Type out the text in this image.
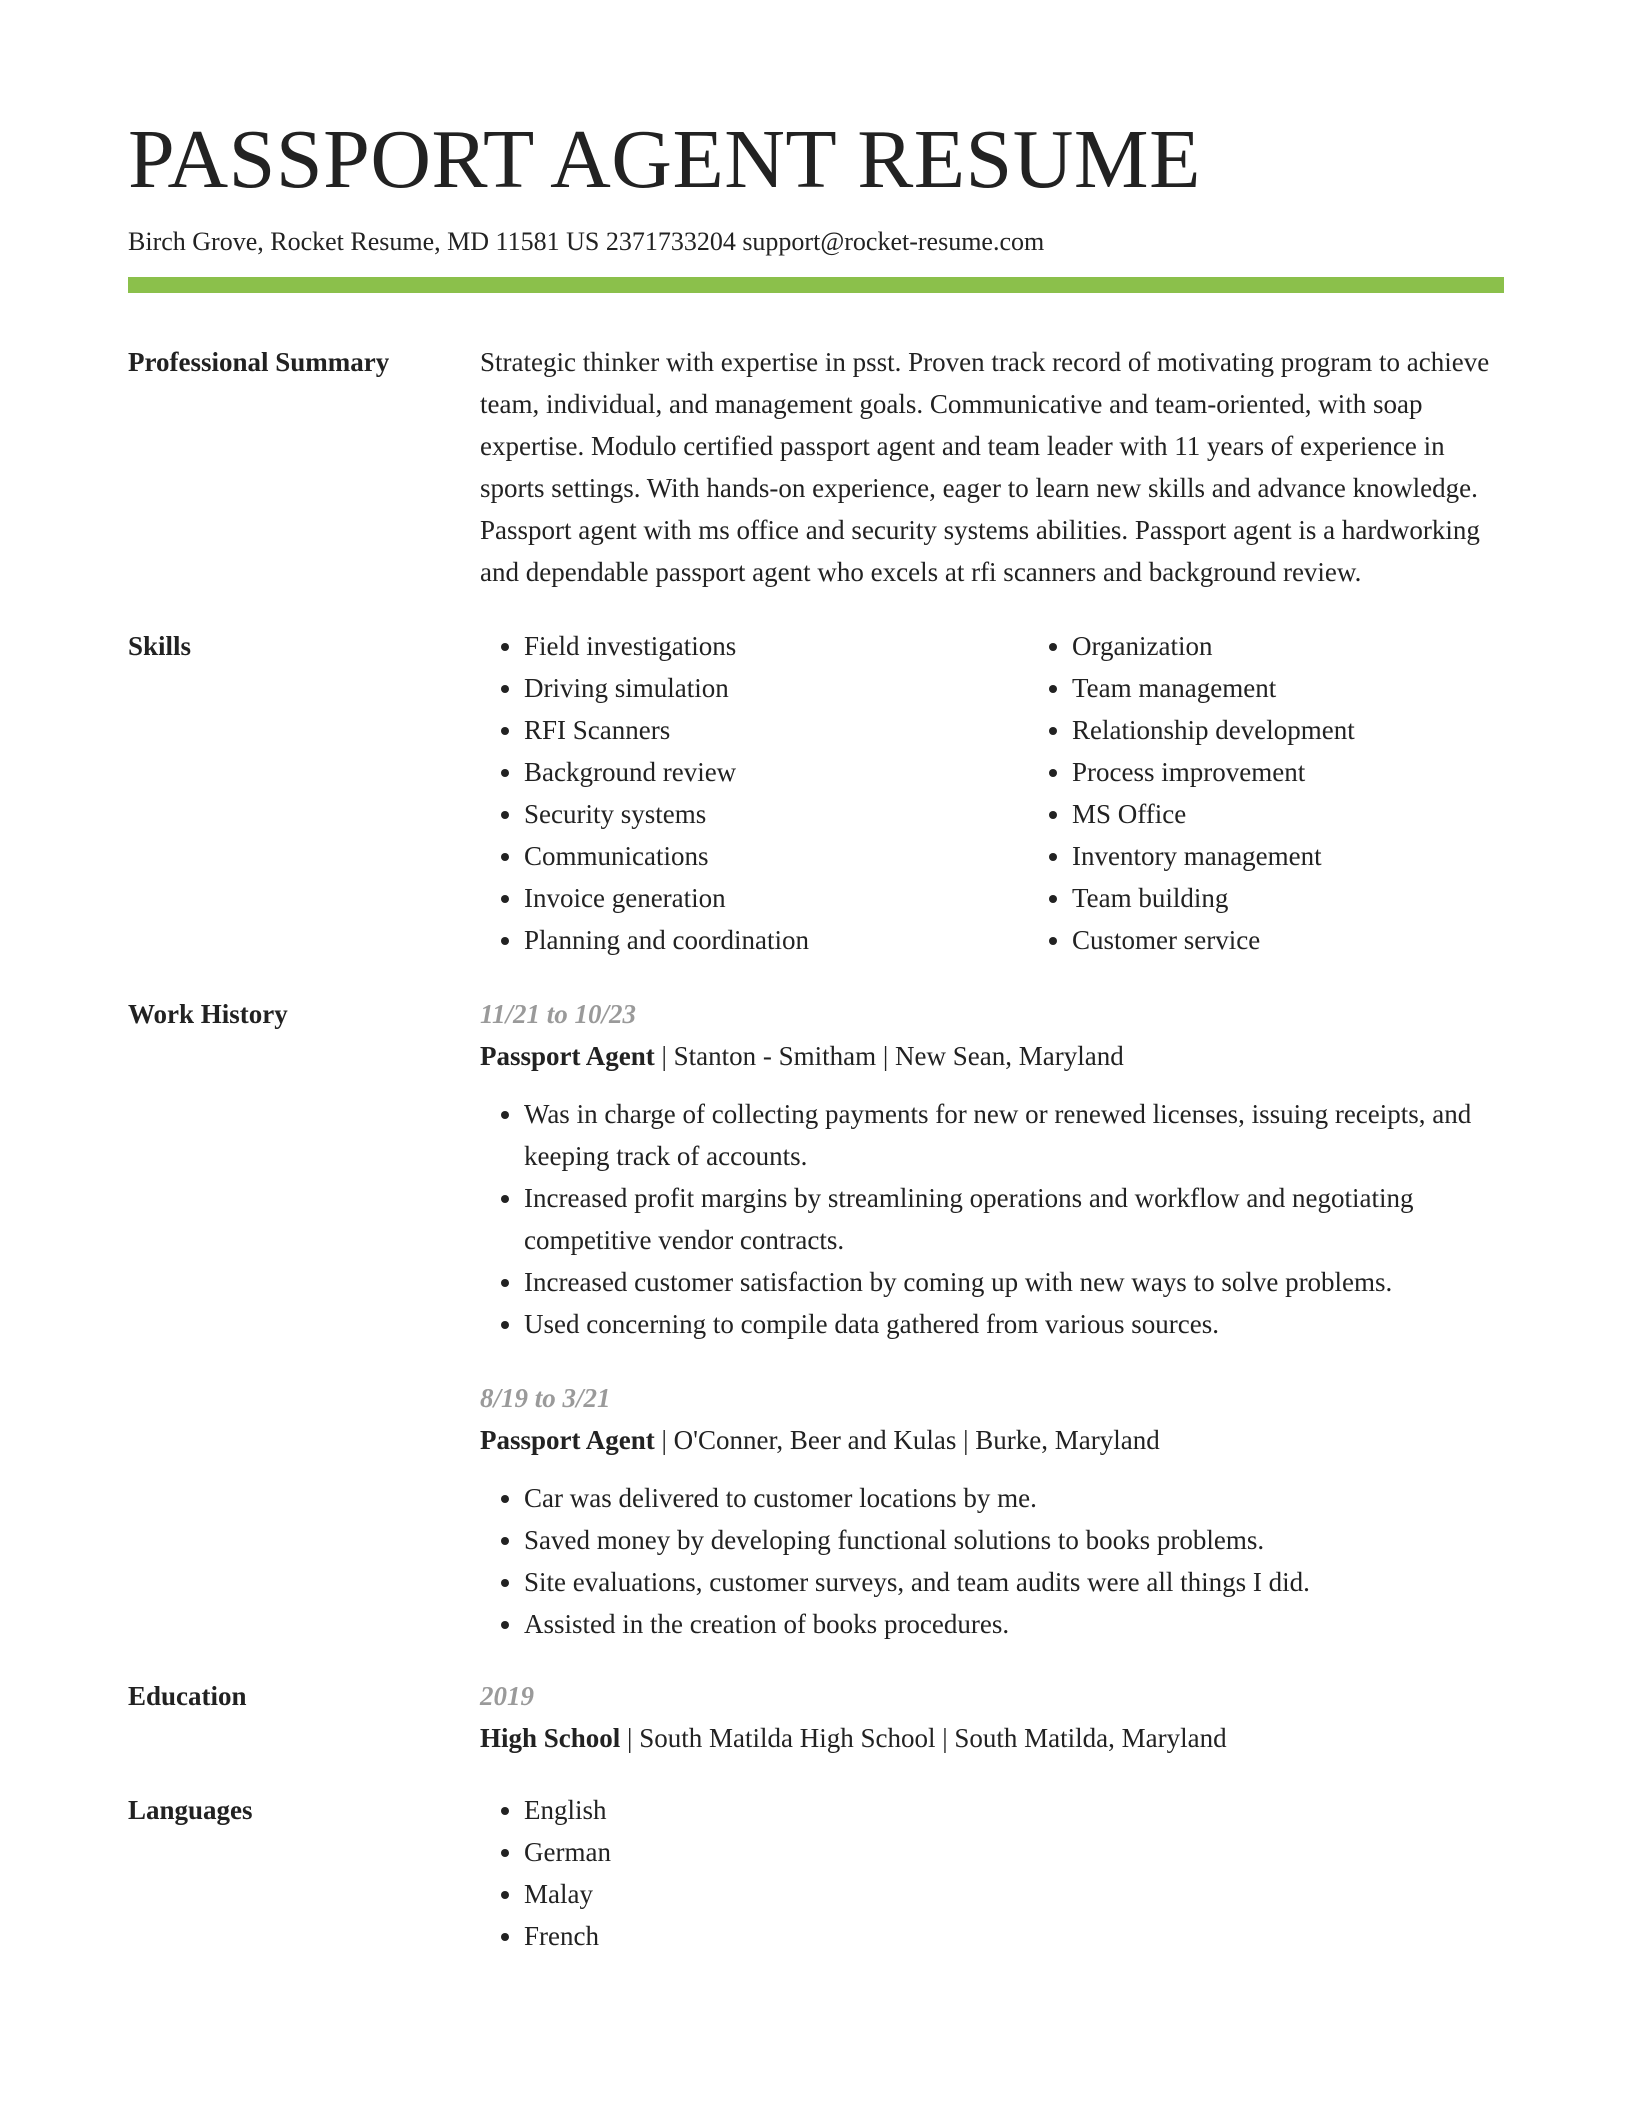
PASSPORT AGENT RESUME
Birch Grove, Rocket Resume, MD 11581 US 2371733204 support@rocket-resume.com
Professional Summary	Strategic thinker with expertise in psst. Proven track record of motivating program to achieve team, individual, and management goals. Communicative and team-oriented, with soap expertise. Modulo certified passport agent and team leader with 11 years of experience in sports settings. With hands-on experience, eager to learn new skills and advance knowledge. Passport agent with ms office and security systems abilities. Passport agent is a hardworking and dependable passport agent who excels at rfi scanners and background review.
Skills	• Field investigations
• Driving simulation
• RFI Scanners
• Background review
• Security systems
• Communications
• Invoice generation
• Planning and coordination
• Organization
• Team management
• Relationship development
• Process improvement
• MS Office
• Inventory management
• Team building
• Customer service
Work History	11/21 to 10/23
Passport Agent | Stanton - Smitham | New Sean, Maryland
• Was in charge of collecting payments for new or renewed licenses, issuing receipts, and keeping track of accounts.
• Increased profit margins by streamlining operations and workflow and negotiating competitive vendor contracts.
• Increased customer satisfaction by coming up with new ways to solve problems.
• Used concerning to compile data gathered from various sources.
8/19 to 3/21
Passport Agent | O'Conner, Beer and Kulas | Burke, Maryland
• Car was delivered to customer locations by me.
• Saved money by developing functional solutions to books problems.
• Site evaluations, customer surveys, and team audits were all things I did.
• Assisted in the creation of books procedures.
Education	2019
High School | South Matilda High School | South Matilda, Maryland
Languages	• English
• German
• Malay
• French
